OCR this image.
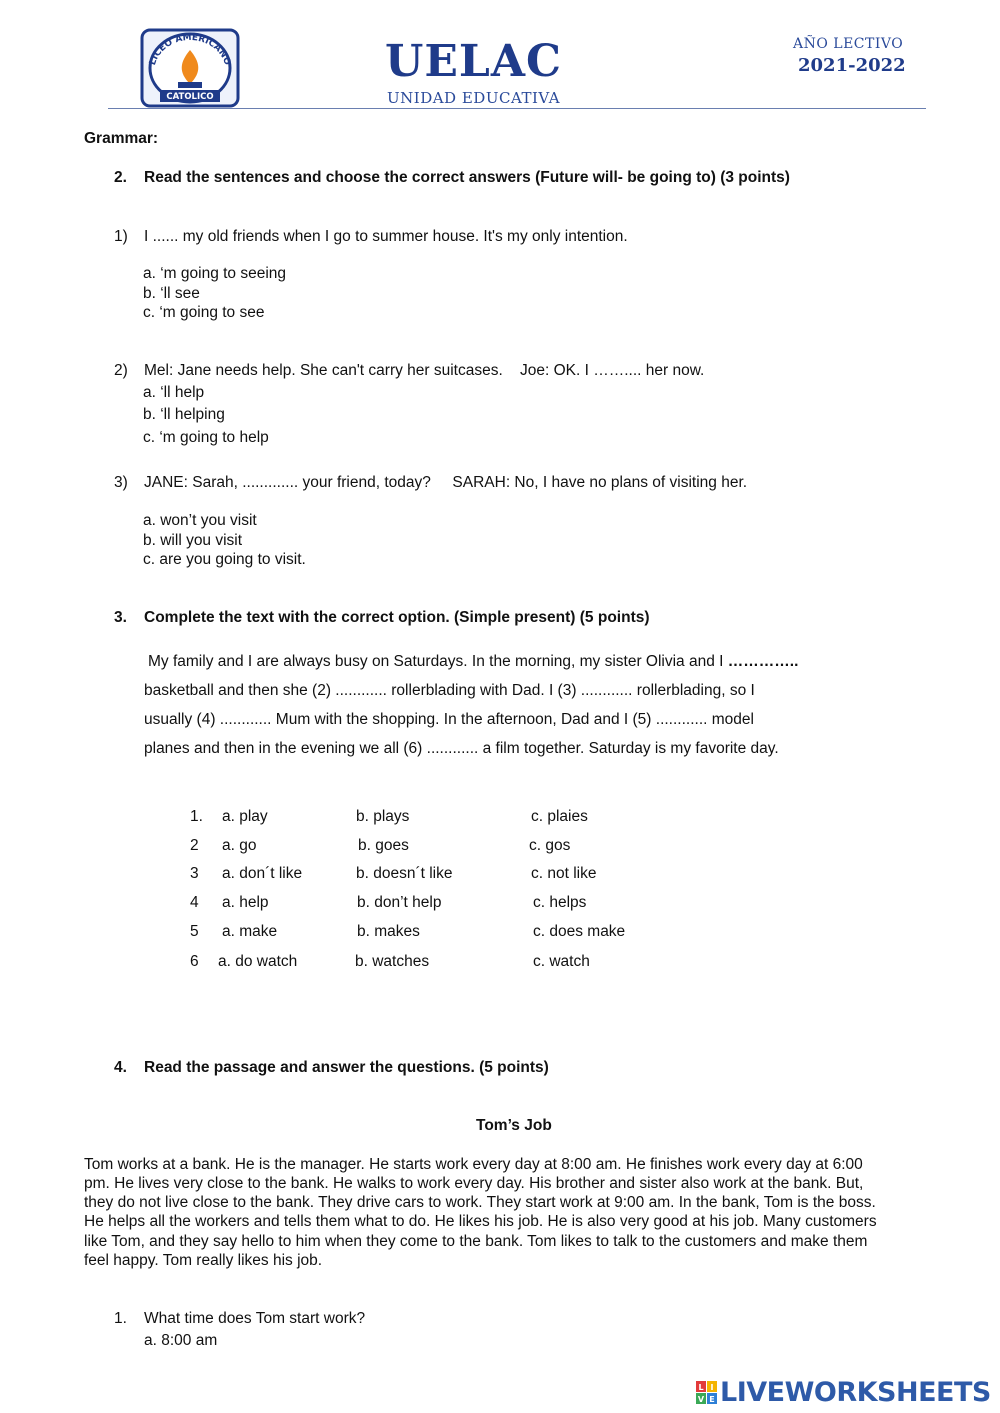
LICEO AMERICANO
CATOLICO
UELAC
UNIDAD EDUCATIVA
AÑO LECTIVO
2021-2022
Grammar:
2. Read the sentences and choose the correct answers (Future will- be going to) (3 points)
1) I ...... my old friends when I go to summer house. It's my only intention.
a. ‘m going to seeing
b. ‘ll see
c. ‘m going to see
2) Mel: Jane needs help. She can't carry her suitcases.    Joe: OK. I …….... her now.
a. ‘ll help
b. ‘ll helping
c. ‘m going to help
3) JANE: Sarah, ............. your friend, today?     SARAH: No, I have no plans of visiting her.
a. won’t you visit
b. will you visit
c. are you going to visit.
3. Complete the text with the correct option. (Simple present) (5 points)
My family and I are always busy on Saturdays. In the morning, my sister Olivia and I …………..
basketball and then she (2) ............ rollerblading with Dad. I (3) ............ rollerblading, so I
usually (4) ............ Mum with the shopping. In the afternoon, Dad and I (5) ............ model
planes and then in the evening we all (6) ............ a film together. Saturday is my favorite day.
1. a. play	b. plays	c. plaies
2 a. go	b. goes	c. gos
3 a. don´t like	b. doesn´t like	c. not like
4 a. help	b. don’t help	c. helps
5 a. make	b. makes	c. does make
6 a. do watch	b. watches	c. watch
4. Read the passage and answer the questions. (5 points)
Tom’s Job
Tom works at a bank. He is the manager. He starts work every day at 8:00 am. He finishes work every day at 6:00
pm. He lives very close to the bank. He walks to work every day. His brother and sister also work at the bank. But,
they do not live close to the bank. They drive cars to work. They start work at 9:00 am. In the bank, Tom is the boss.
He helps all the workers and tells them what to do. He likes his job. He is also very good at his job. Many customers
like Tom, and they say hello to him when they come to the bank. Tom likes to talk to the customers and make them
feel happy. Tom really likes his job.
1. What time does Tom start work?
a. 8:00 am
L I
V E LIVEWORKSHEETS
